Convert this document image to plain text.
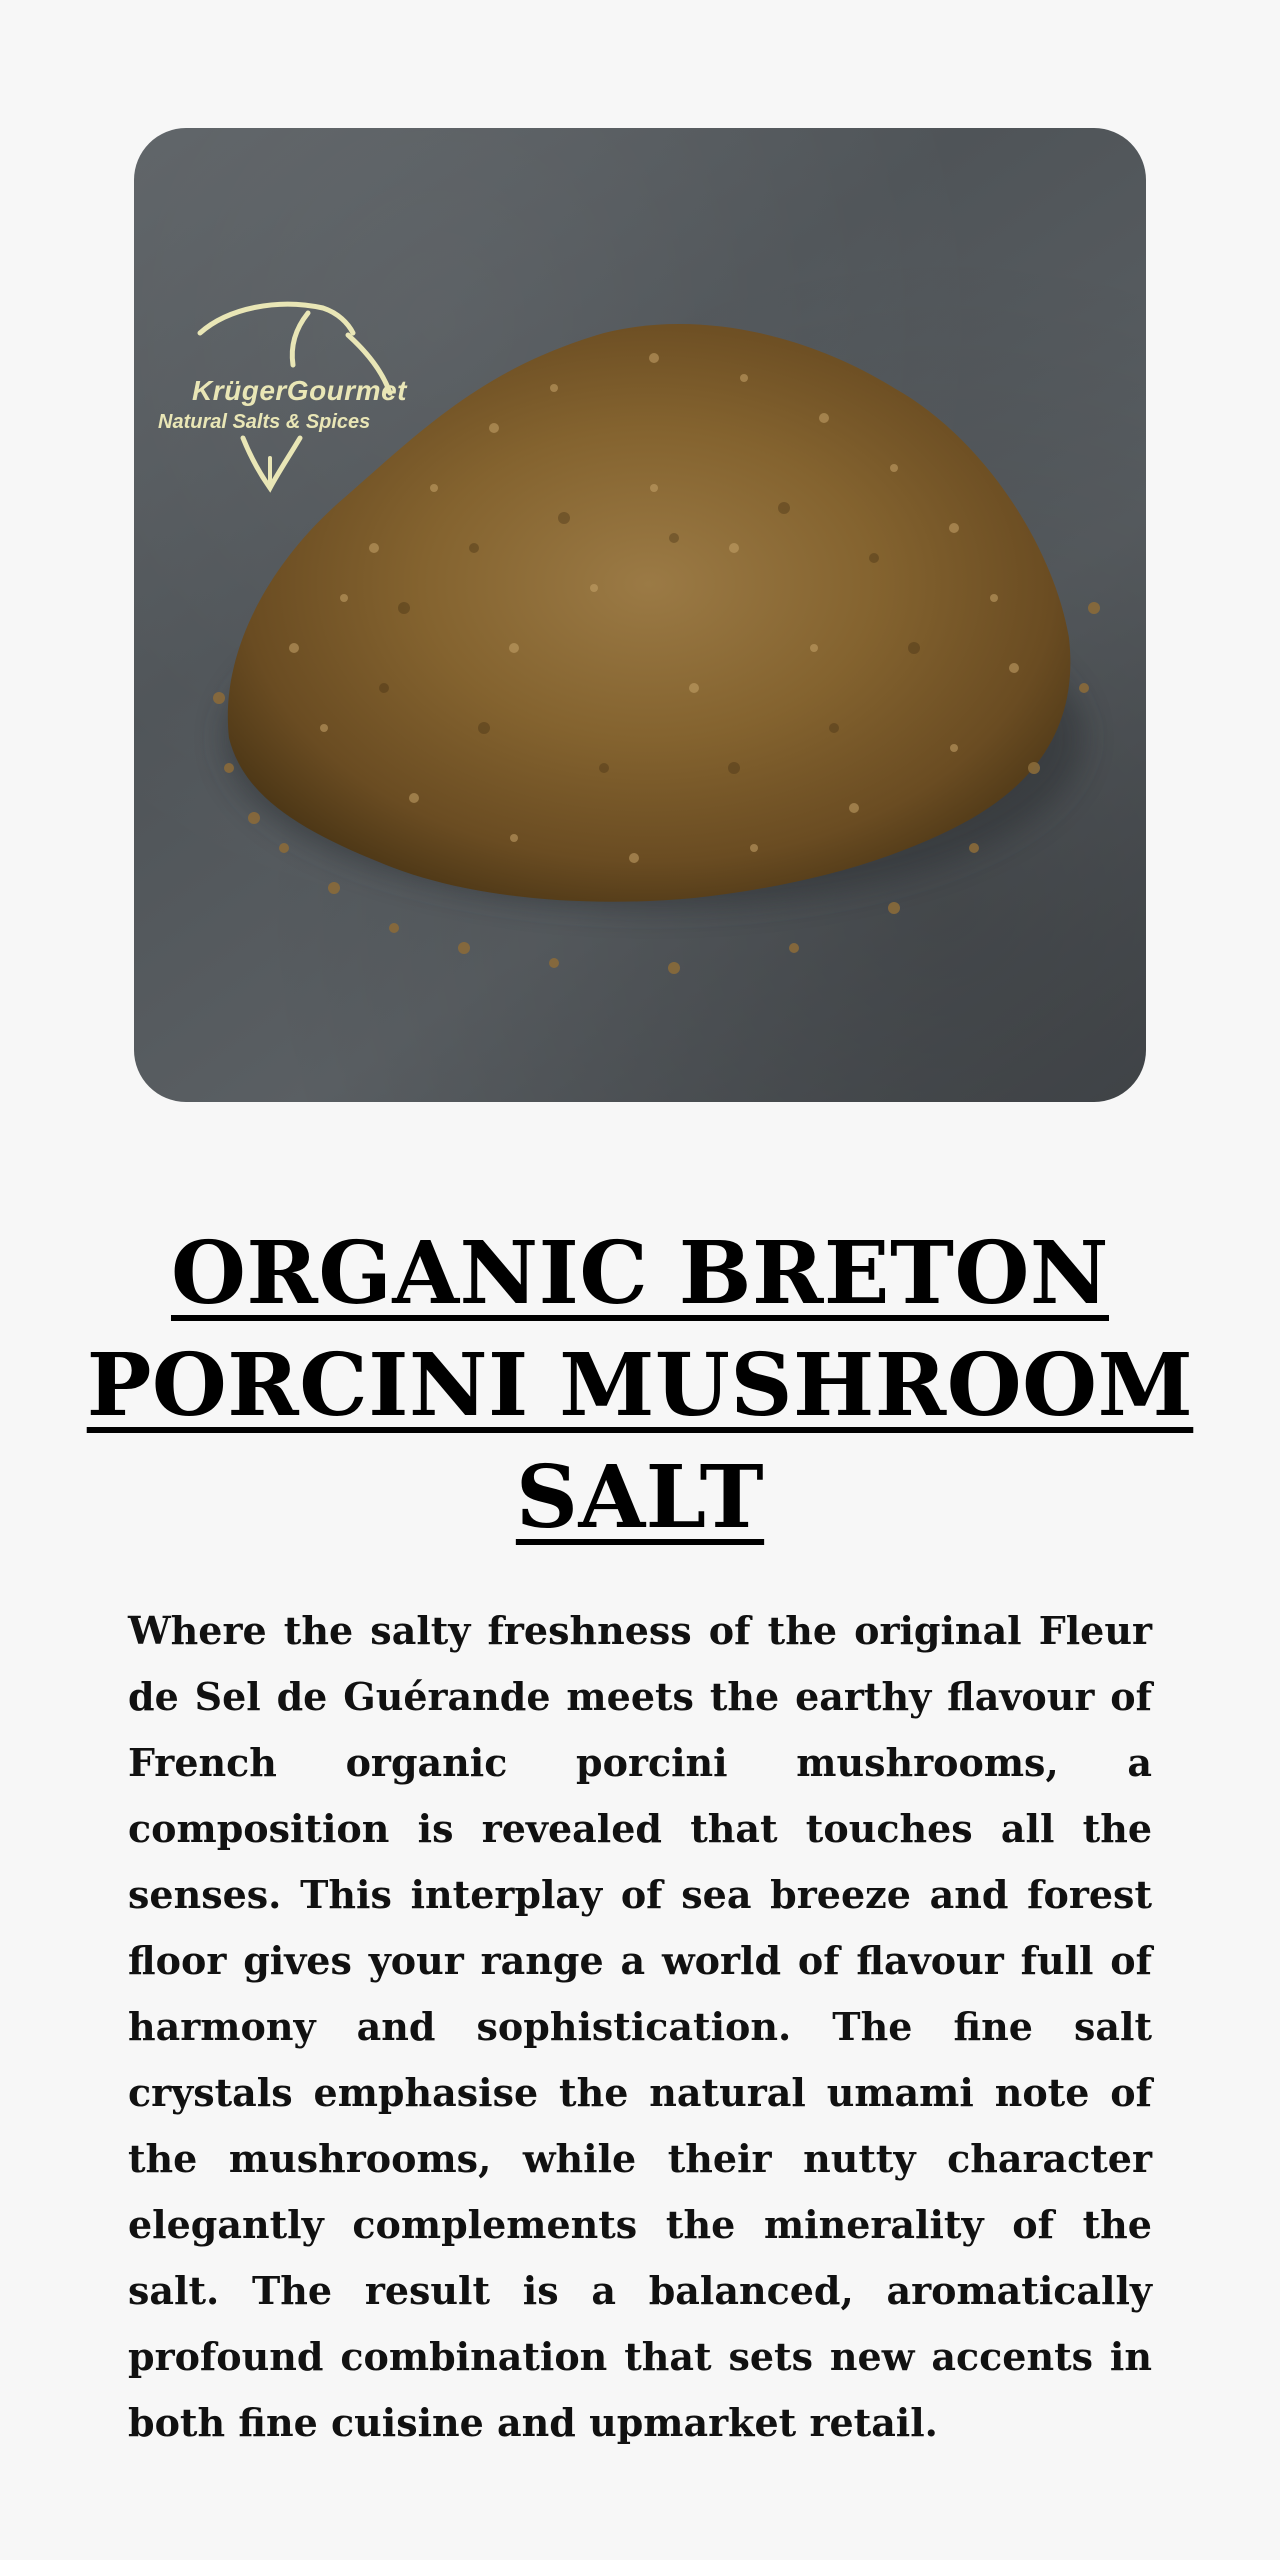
KrügerGourmet
Natural Salts & Spices
ORGANIC BRETON PORCINI MUSHROOM SALT

Where the salty freshness of the original Fleur de Sel de Guérande meets the earthy flavour of French organic porcini mushrooms, a composition is revealed that touches all the senses. This interplay of sea breeze and forest floor gives your range a world of flavour full of harmony and sophistication. The fine salt crystals emphasise the natural umami note of the mushrooms, while their nutty character elegantly complements the minerality of the salt. The result is a balanced, aromatically profound combination that sets new accents in both fine cuisine and upmarket retail.
